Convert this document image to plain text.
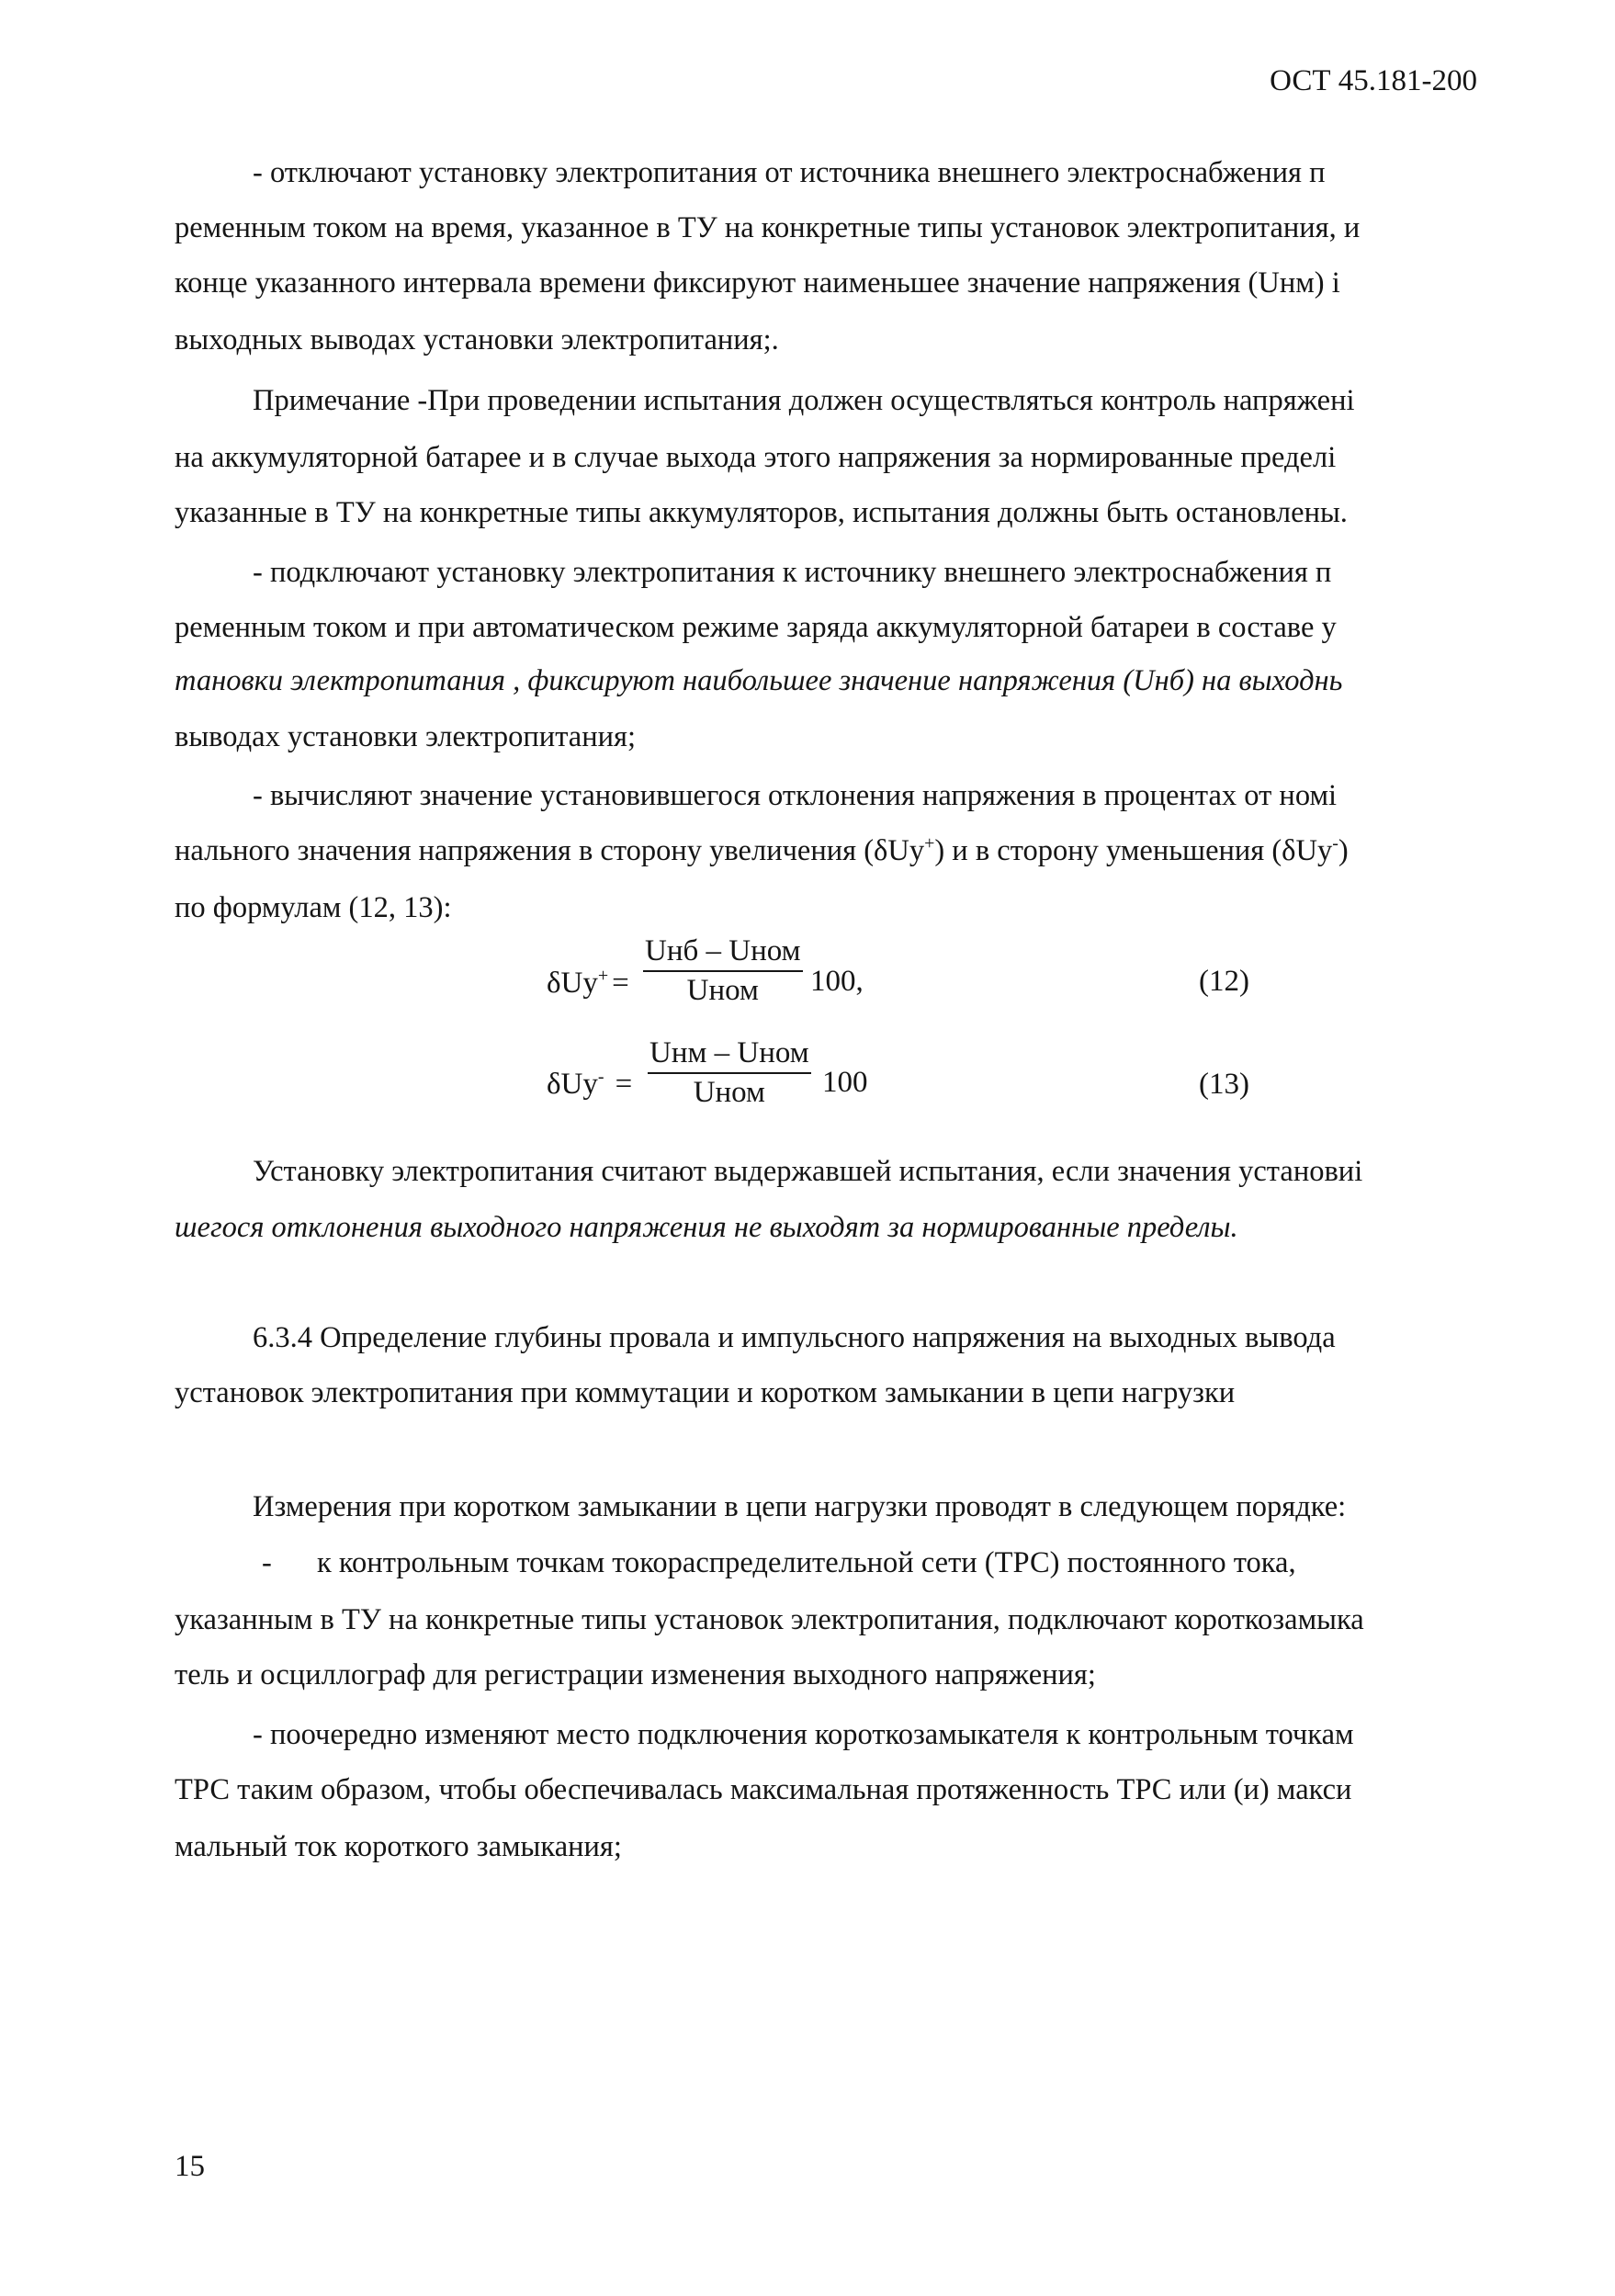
ОСТ 45.181-200
- отключают установку электропитания от источника внешнего электроснабжения п
ременным током на время, указанное в ТУ на конкретные типы установок электропитания, и
конце указанного интервала времени фиксируют наименьшее значение напряжения (Uнм) і
выходных выводах установки электропитания;.
Примечание -При проведении испытания должен осуществляться контроль напряжені
на аккумуляторной батарее и в случае выхода этого напряжения за нормированные пределі
указанные в ТУ на конкретные типы аккумуляторов, испытания должны быть остановлены.
- подключают установку электропитания к источнику внешнего электроснабжения п
ременным током и при автоматическом режиме заряда аккумуляторной батареи в составе у
тановки электропитания , фиксируют наибольшее значение напряжения (Uнб) на выходнь
выводах установки электропитания;
- вычисляют значение установившегося отклонения напряжения в процентах от номі
нального значения напряжения в сторону увеличения (δUy+) и в сторону уменьшения (δUy-)
по формулам (12, 13):
Установку электропитания считают выдержавшей испытания, если значения установиі
шегося отклонения выходного напряжения не выходят за нормированные пределы.
6.3.4 Определение глубины провала и импульсного напряжения на выходных вывода
установок электропитания при коммутации и коротком замыкании в цепи нагрузки
Измерения при коротком замыкании в цепи нагрузки проводят в следующем порядке:
- к контрольным точкам токораспределительной сети (ТРС) постоянного тока,
указанным в ТУ на конкретные типы установок электропитания, подключают короткозамыка
тель и осциллограф для регистрации изменения выходного напряжения;
- поочередно изменяют место подключения короткозамыкателя к контрольным точкам
ТРС таким образом, чтобы обеспечивалась максимальная протяженность ТРС или (и) макси
мальный ток короткого замыкания;
δUy+ =
Uнб – Uном
Uном 100,	(12)
δUy- =
Uнм – Uном
Uном 100	(13)
15
